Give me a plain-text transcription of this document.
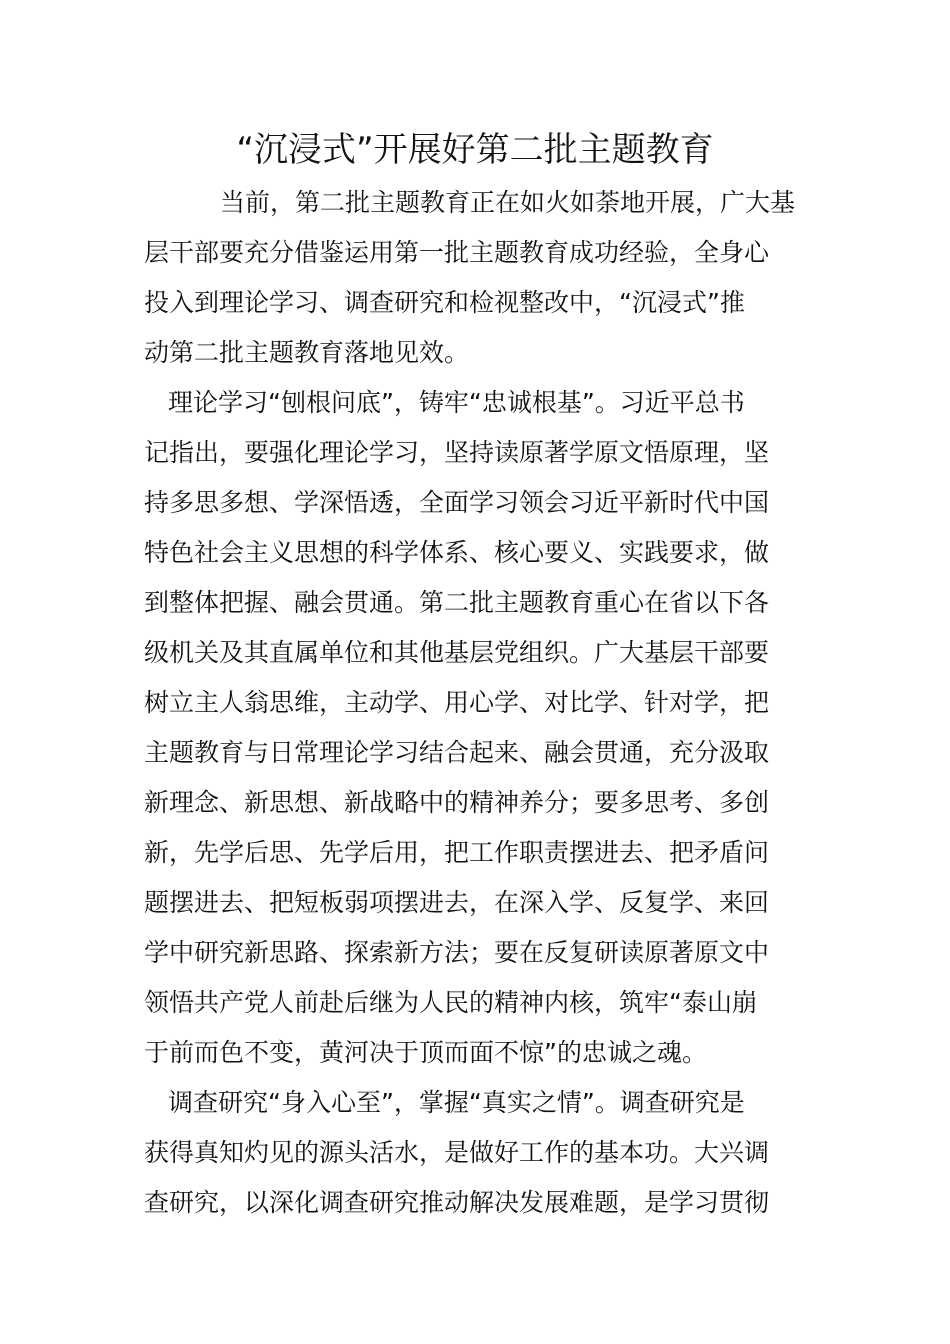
“沉浸式”开展好第二批主题教育
当前，第二批主题教育正在如火如荼地开展，广大基
层干部要充分借鉴运用第一批主题教育成功经验，全身心
投入到理论学习、调查研究和检视整改中，“沉浸式”推
动第二批主题教育落地见效。
理论学习“刨根问底”，铸牢“忠诚根基”。习近平总书
记指出，要强化理论学习，坚持读原著学原文悟原理，坚
持多思多想、学深悟透，全面学习领会习近平新时代中国
特色社会主义思想的科学体系、核心要义、实践要求，做
到整体把握、融会贯通。第二批主题教育重心在省以下各
级机关及其直属单位和其他基层党组织。广大基层干部要
树立主人翁思维，主动学、用心学、对比学、针对学，把
主题教育与日常理论学习结合起来、融会贯通，充分汲取
新理念、新思想、新战略中的精神养分；要多思考、多创
新，先学后思、先学后用，把工作职责摆进去、把矛盾问
题摆进去、把短板弱项摆进去，在深入学、反复学、来回
学中研究新思路、探索新方法；要在反复研读原著原文中
领悟共产党人前赴后继为人民的精神内核，筑牢“泰山崩
于前而色不变，黄河决于顶而面不惊”的忠诚之魂。
调查研究“身入心至”，掌握“真实之情”。调查研究是
获得真知灼见的源头活水，是做好工作的基本功。大兴调
查研究，以深化调查研究推动解决发展难题，是学习贯彻
